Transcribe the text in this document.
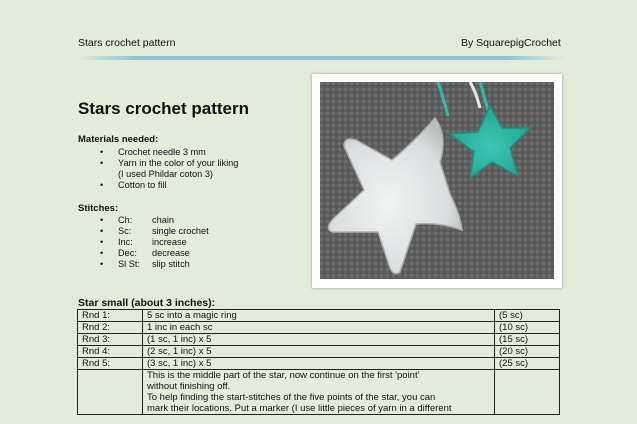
Stars crochet pattern	By SquarepigCrochet
Stars crochet pattern
Materials needed:
• Crochet needle 3 mm
• Yarn in the color of your liking
(I used Phildar coton 3)
• Cotton to fill
Stitches:
• Ch: chain
• Sc: single crochet
• Inc: increase
• Dec: decrease
• Sl St: slip stitch
Star small (about 3 inches):
Rnd 1:	5 sc into a magic ring	(5 sc)
Rnd 2:	1 inc in each sc	(10 sc)
Rnd 3:	(1 sc, 1 inc) x 5	(15 sc)
Rnd 4:	(2 sc, 1 inc) x 5	(20 sc)
Rnd 5:	(3 sc, 1 inc) x 5	(25 sc)

	This is the middle part of the star, now continue on the first 'point'
without finishing off.
To help finding the start-stitches of the five points of the star, you can
mark their locations. Put a marker (I use little pieces of yarn in a different	
